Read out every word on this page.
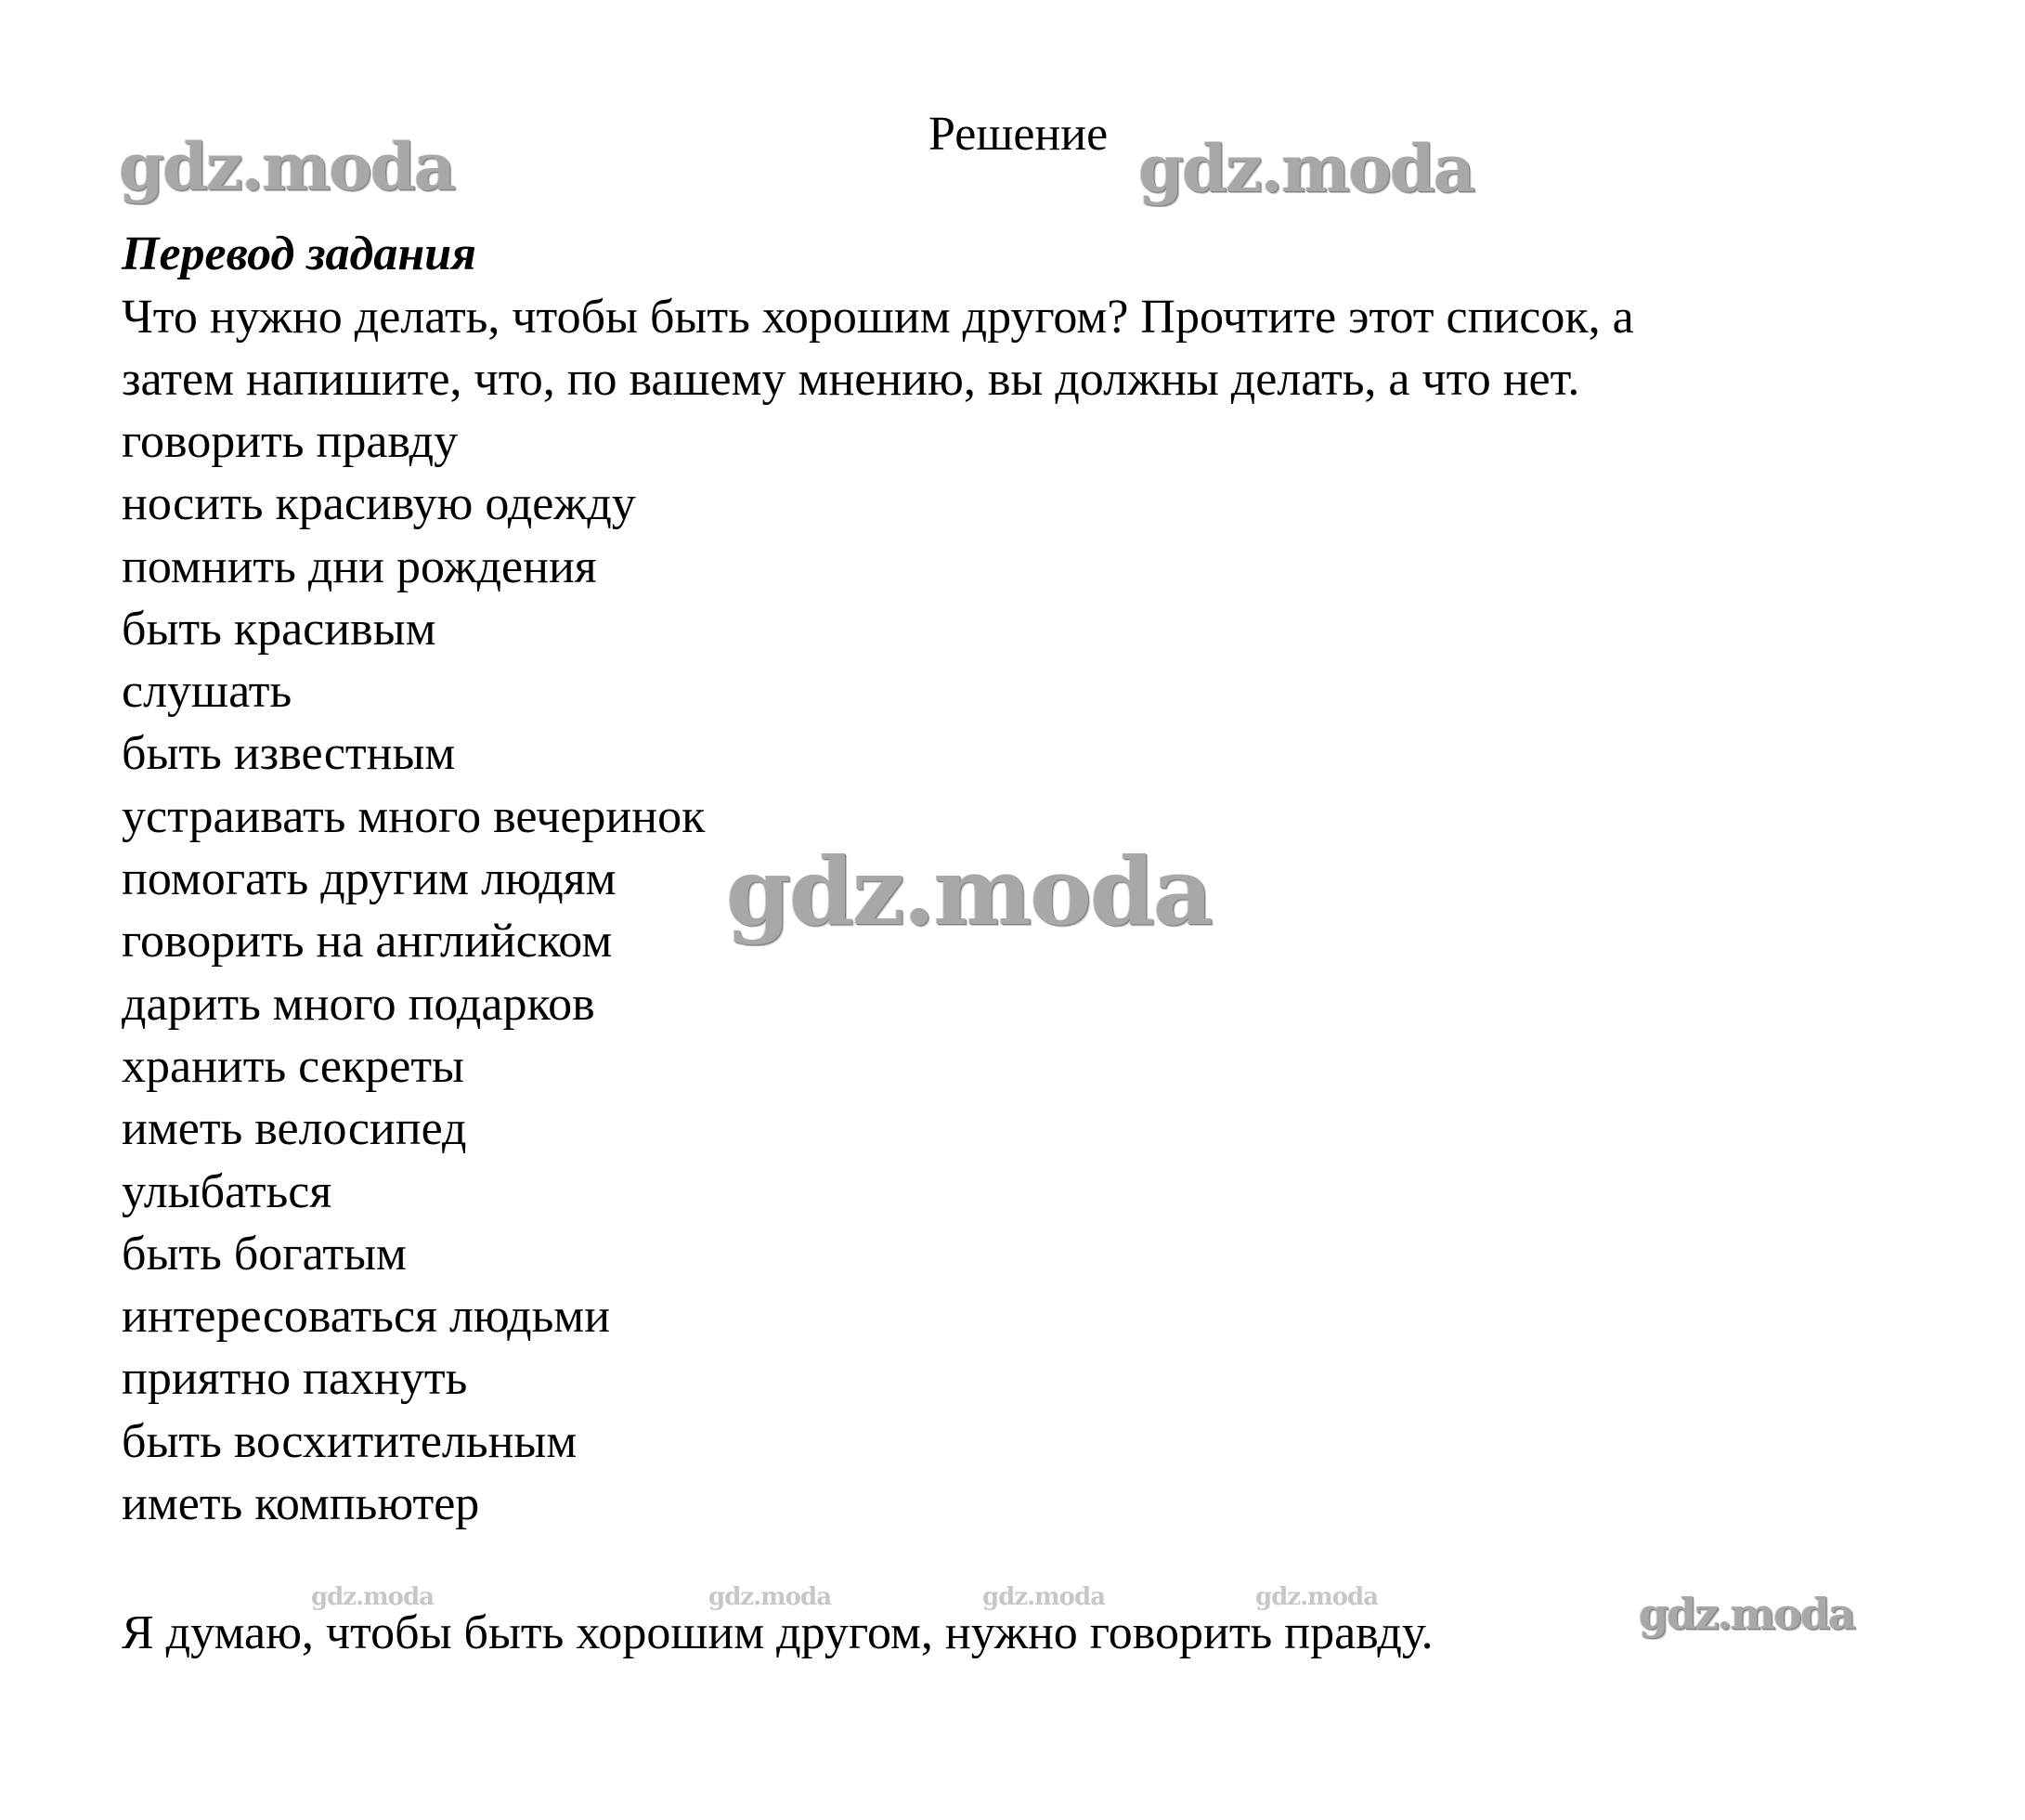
Решение
Перевод задания
Что нужно делать, чтобы быть хорошим другом? Прочтите этот список, а
затем напишите, что, по вашему мнению, вы должны делать, а что нет.
говорить правду
носить красивую одежду
помнить дни рождения
быть красивым
слушать
быть известным
устраивать много вечеринок
помогать другим людям
говорить на английском
дарить много подарков
хранить секреты
иметь велосипед
улыбаться
быть богатым
интересоваться людьми
приятно пахнуть
быть восхитительным
иметь компьютер
Я думаю, чтобы быть хорошим другом, нужно говорить правду.
gdz.moda	gdz.moda
gdz.moda
gdz.moda	gdz.moda	gdz.moda	gdz.moda	gdz.moda
